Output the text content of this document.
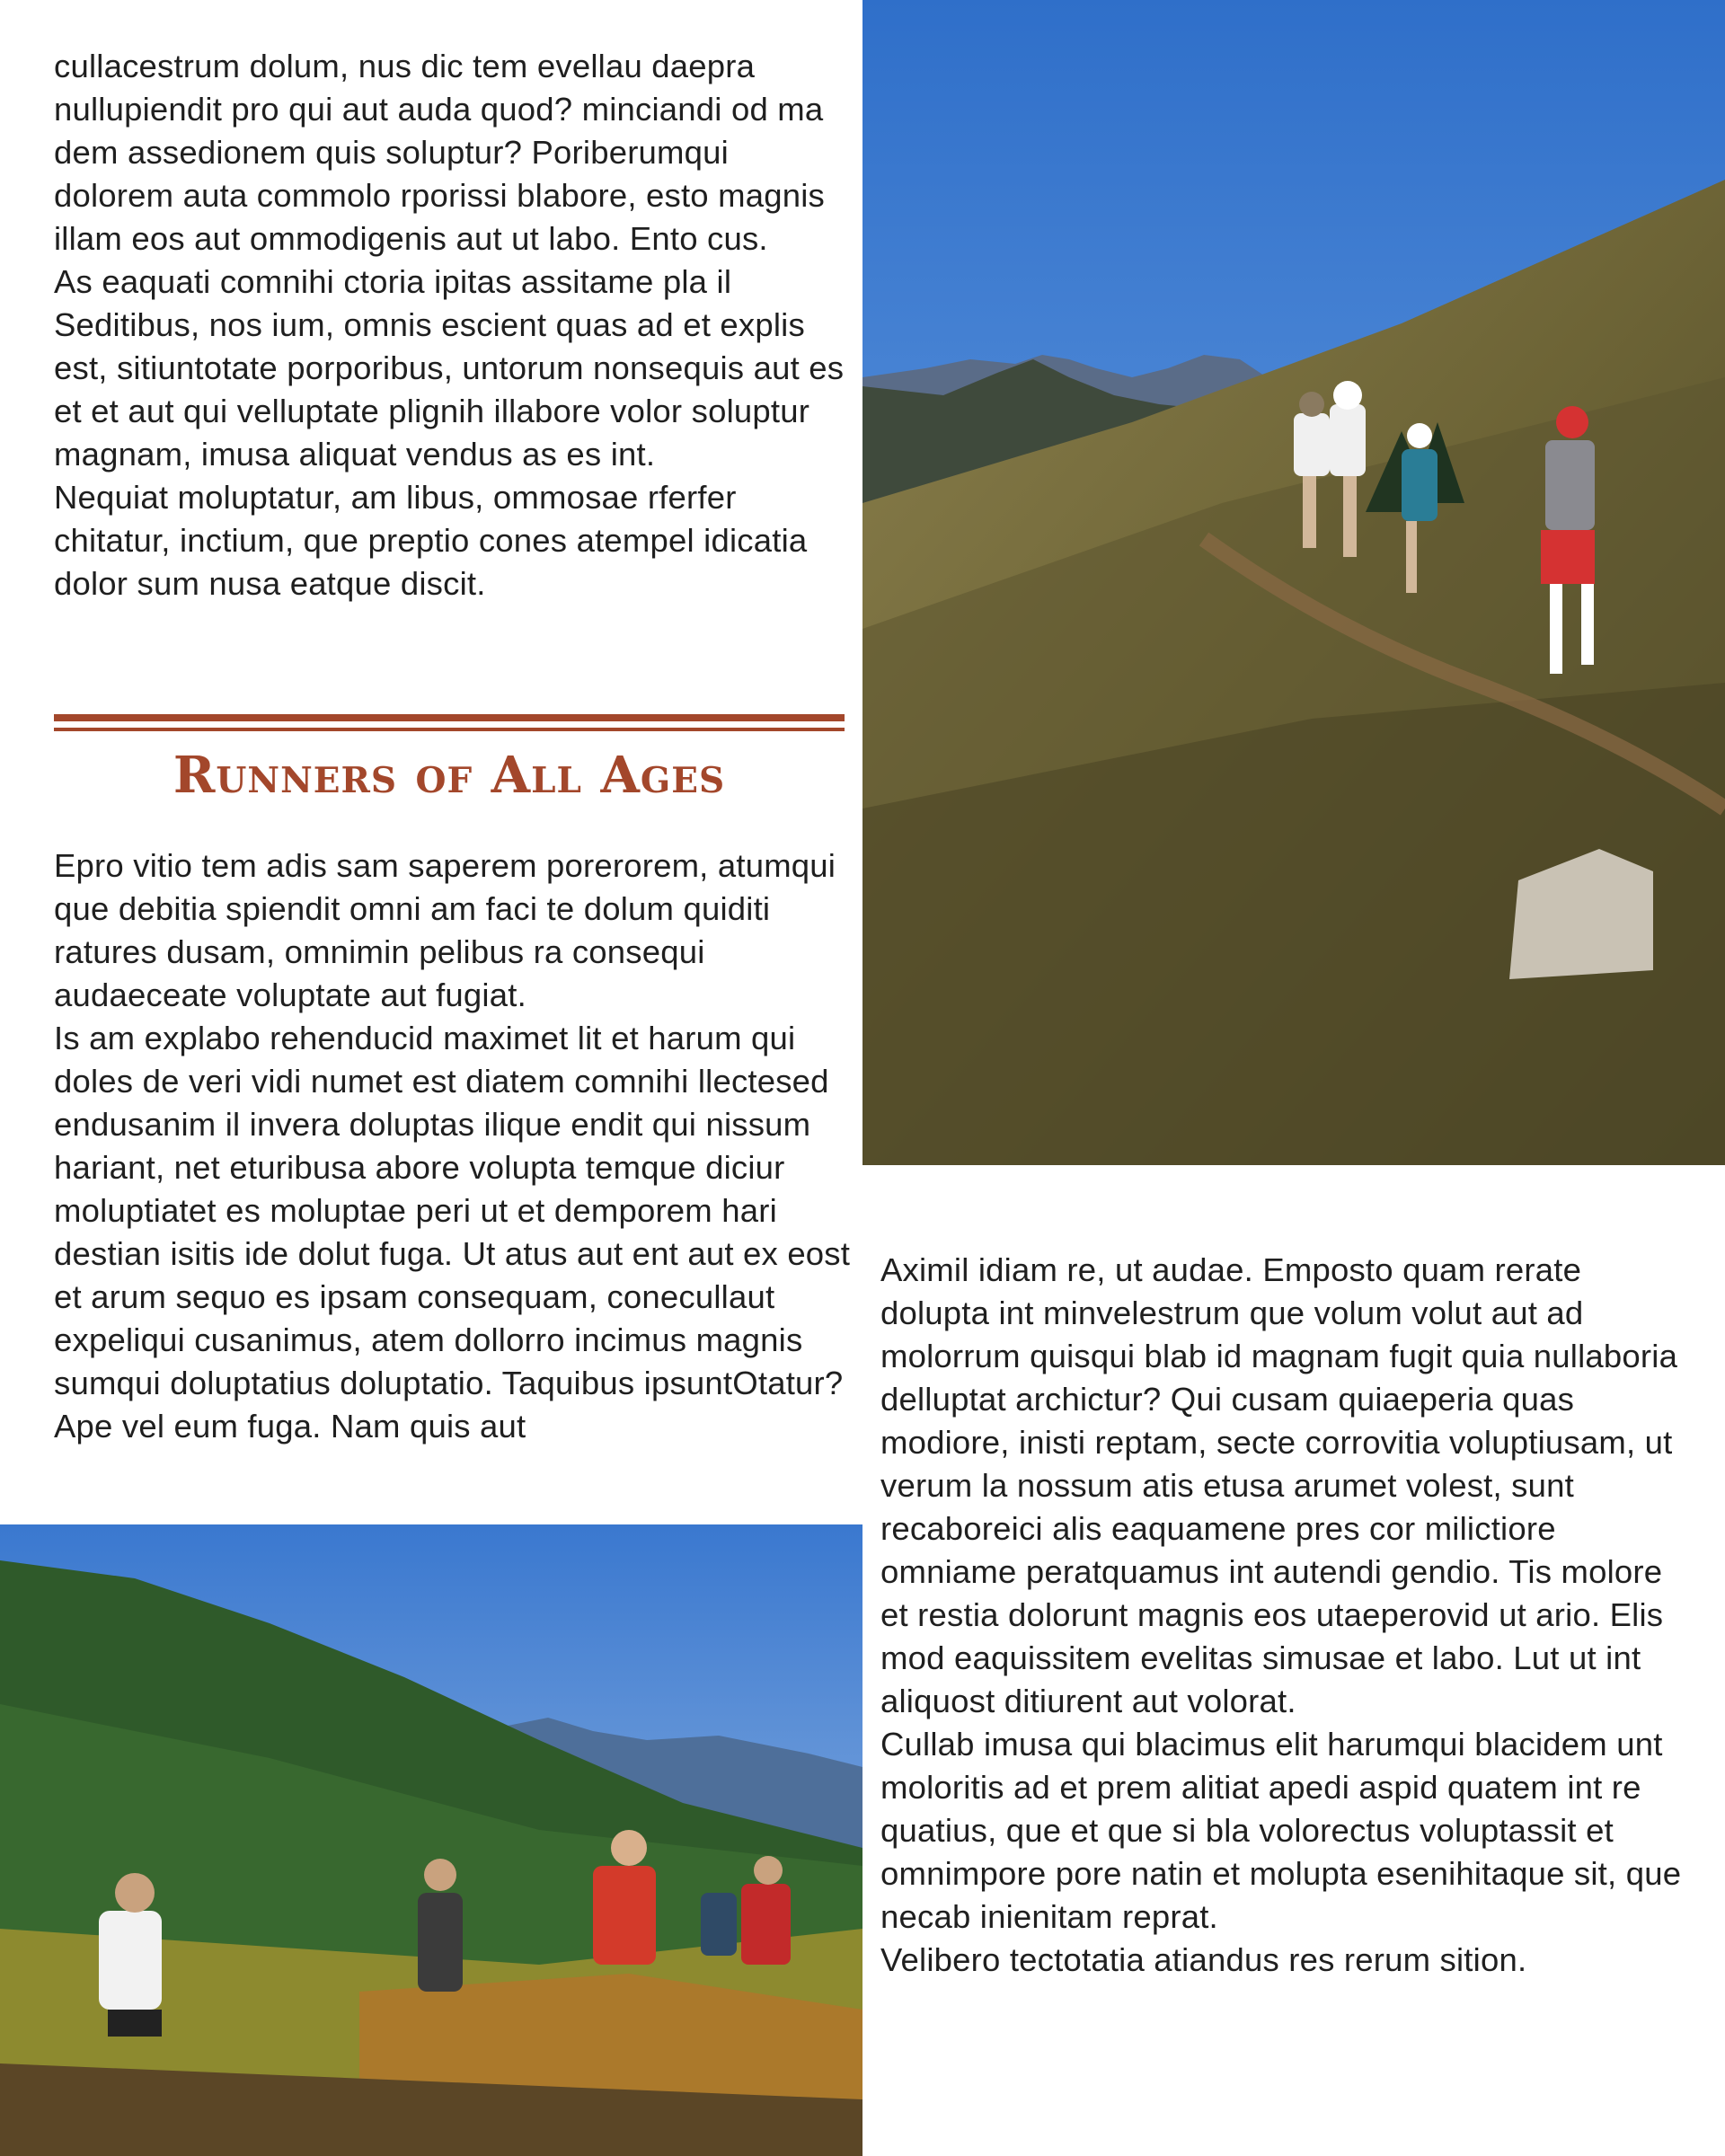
cullacestrum dolum, nus dic tem evellau daepra nullupiendit pro qui aut auda quod? minciandi od ma dem assedionem quis soluptur? Poriberumqui dolorem auta commolo rporissi blabore, esto magnis illam eos aut ommodigenis aut ut labo. Ento cus.

As eaquati comnihi ctoria ipitas assitame pla il Seditibus, nos ium, omnis escient quas ad et explis est, sitiuntotate porporibus, untorum nonsequis aut es et et aut qui velluptate plignih illabore volor soluptur magnam, imusa aliquat vendus as es int.

Nequiat moluptatur, am libus, ommosae rferfer chitatur, inctium, que preptio cones atempel idicatia dolor sum nusa eatque discit.

Runners of All Ages

Epro vitio tem adis sam saperem porerorem, atumqui que debitia spiendit omni am faci te dolum quiditi ratures dusam, omnimin pelibus ra consequi audaeceate voluptate aut fugiat.

Is am explabo rehenducid maximet lit et harum qui doles de veri vidi numet est diatem comnihi llectesed endusanim il invera doluptas ilique endit qui nissum hariant, net eturibusa abore volupta temque diciur moluptiatet es moluptae peri ut et demporem hari destian isitis ide dolut fuga. Ut atus aut ent aut ex eost et arum sequo es ipsam consequam, conecullaut expeliqui cusanimus, atem dollorro incimus magnis sumqui doluptatius doluptatio. Taquibus ipsuntOtatur? Ape vel eum fuga. Nam quis aut

Aximil idiam re, ut audae. Emposto quam rerate dolupta int minvelestrum que volum volut aut ad molorrum quisqui blab id magnam fugit quia nullaboria delluptat archictur? Qui cusam quiaeperia quas modiore, inisti reptam, secte corrovitia voluptiusam, ut verum la nossum atis etusa arumet volest, sunt recaboreici alis eaquamene pres cor milictiore omniame peratquamus int autendi gendio. Tis molore et restia dolorunt magnis eos utaeperovid ut ario. Elis mod eaquissitem evelitas simusae et labo. Lut ut int aliquost ditiurent aut volorat.

Cullab imusa qui blacimus elit harumqui blacidem unt moloritis ad et prem alitiat apedi aspid quatem int re quatius, que et que si bla volorectus voluptassit et omnimpore pore natin et molupta esenihitaque sit, que necab inienitam reprat.

Velibero tectotatia atiandus res rerum sition.
